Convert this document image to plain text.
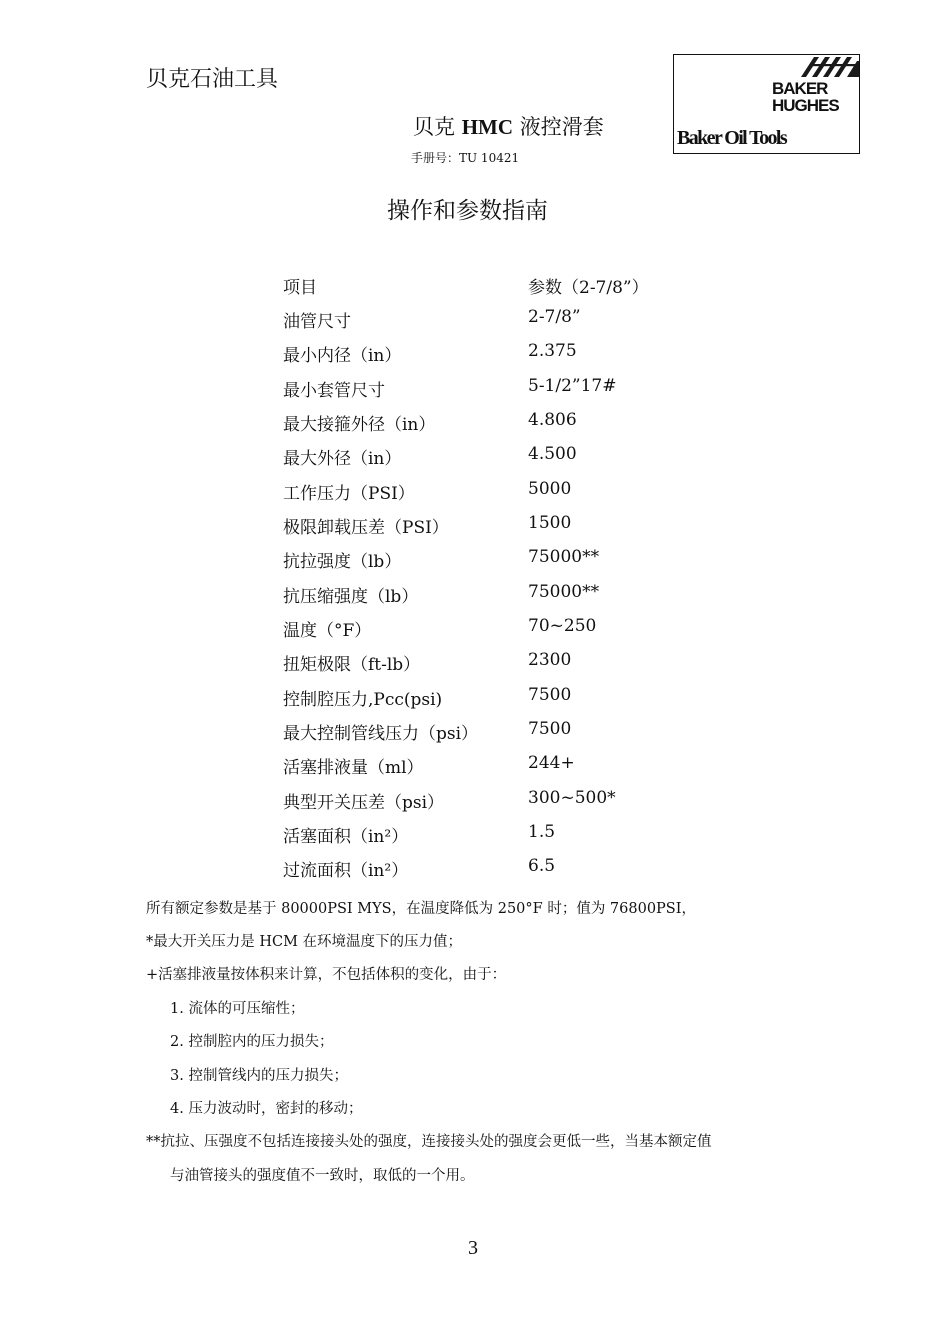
贝克石油工具
贝克 HMC 液控滑套
手册号：TU 10421
BAKER
HUGHES
Baker Oil Tools
操作和参数指南
项目	参数（2-7/8”）
油管尺寸	2-7/8”
最小内径（in）	2.375
最小套管尺寸	5-1/2”17#
最大接箍外径（in）	4.806
最大外径（in）	4.500
工作压力（PSI）	5000
极限卸载压差（PSI）	1500
抗拉强度（lb）	75000**
抗压缩强度（lb）	75000**
温度（°F）	70~250
扭矩极限（ft-lb）	2300
控制腔压力,Pcc(psi)	7500
最大控制管线压力（psi）	7500
活塞排液量（ml）	244+
典型开关压差（psi）	300~500*
活塞面积（in²）	1.5
过流面积（in²）	6.5
所有额定参数是基于 80000PSI MYS，在温度降低为 250°F 时；值为 76800PSI，
*最大开关压力是 HCM 在环境温度下的压力值；
+活塞排液量按体积来计算，不包括体积的变化，由于：
1. 流体的可压缩性；
2. 控制腔内的压力损失；
3. 控制管线内的压力损失；
4. 压力波动时，密封的移动；
**抗拉、压强度不包括连接接头处的强度，连接接头处的强度会更低一些，当基本额定值
与油管接头的强度值不一致时，取低的一个用。
3
